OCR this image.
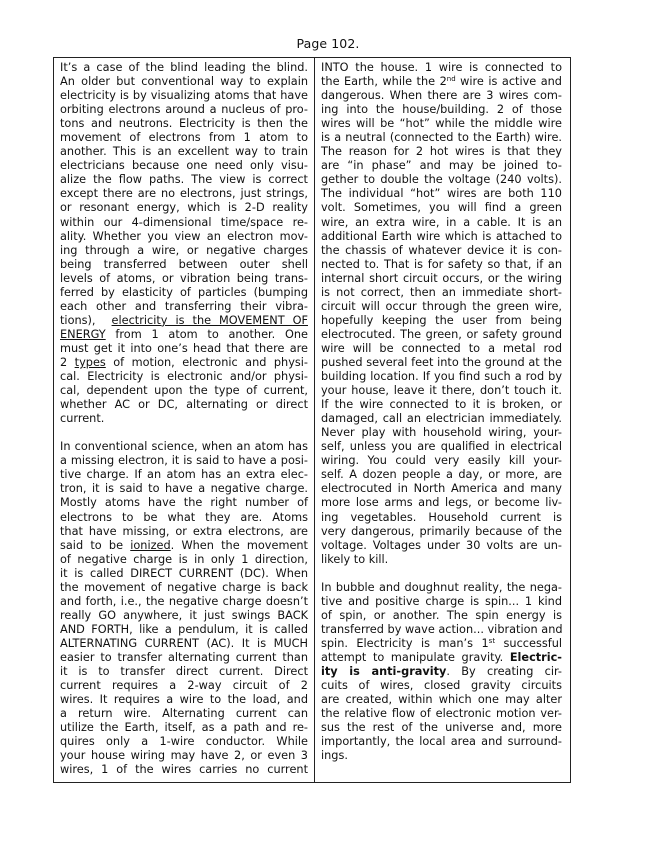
Page 102.
It’s a case of the blind leading the blind.
An older but conventional way to explain
electricity is by visualizing atoms that have
orbiting electrons around a nucleus of pro-
tons and neutrons. Electricity is then the
movement of electrons from 1 atom to
another. This is an excellent way to train
electricians because one need only visu-
alize the flow paths. The view is correct
except there are no electrons, just strings,
or resonant energy, which is 2-D reality
within our 4-dimensional time/space re-
ality. Whether you view an electron mov-
ing through a wire, or negative charges
being transferred between outer shell
levels of atoms, or vibration being trans-
ferred by elasticity of particles (bumping
each other and transferring their vibra-
tions), electricity is the MOVEMENT OF
ENERGY from 1 atom to another. One
must get it into one’s head that there are
2 types of motion, electronic and physi-
cal. Electricity is electronic and/or physi-
cal, dependent upon the type of current,
whether AC or DC, alternating or direct
current.
In conventional science, when an atom has
a missing electron, it is said to have a posi-
tive charge. If an atom has an extra elec-
tron, it is said to have a negative charge.
Mostly atoms have the right number of
electrons to be what they are. Atoms
that have missing, or extra electrons, are
said to be ionized. When the movement
of negative charge is in only 1 direction,
it is called DIRECT CURRENT (DC). When
the movement of negative charge is back
and forth, i.e., the negative charge doesn’t
really GO anywhere, it just swings BACK
AND FORTH, like a pendulum, it is called
ALTERNATING CURRENT (AC). It is MUCH
easier to transfer alternating current than
it is to transfer direct current. Direct
current requires a 2-way circuit of 2
wires. It requires a wire to the load, and
a return wire. Alternating current can
utilize the Earth, itself, as a path and re-
quires only a 1-wire conductor. While
your house wiring may have 2, or even 3
wires, 1 of the wires carries no current
INTO the house. 1 wire is connected to
the Earth, while the 2nd wire is active and
dangerous. When there are 3 wires com-
ing into the house/building. 2 of those
wires will be “hot” while the middle wire
is a neutral (connected to the Earth) wire.
The reason for 2 hot wires is that they
are “in phase” and may be joined to-
gether to double the voltage (240 volts).
The individual “hot” wires are both 110
volt. Sometimes, you will find a green
wire, an extra wire, in a cable. It is an
additional Earth wire which is attached to
the chassis of whatever device it is con-
nected to. That is for safety so that, if an
internal short circuit occurs, or the wiring
is not correct, then an immediate short-
circuit will occur through the green wire,
hopefully keeping the user from being
electrocuted. The green, or safety ground
wire will be connected to a metal rod
pushed several feet into the ground at the
building location. If you find such a rod by
your house, leave it there, don’t touch it.
If the wire connected to it is broken, or
damaged, call an electrician immediately.
Never play with household wiring, your-
self, unless you are qualified in electrical
wiring. You could very easily kill your-
self. A dozen people a day, or more, are
electrocuted in North America and many
more lose arms and legs, or become liv-
ing vegetables. Household current is
very dangerous, primarily because of the
voltage. Voltages under 30 volts are un-
likely to kill.
In bubble and doughnut reality, the nega-
tive and positive charge is spin... 1 kind
of spin, or another. The spin energy is
transferred by wave action... vibration and
spin. Electricity is man’s 1st successful
attempt to manipulate gravity. Electric-
ity is anti-gravity. By creating cir-
cuits of wires, closed gravity circuits
are created, within which one may alter
the relative flow of electronic motion ver-
sus the rest of the universe and, more
importantly, the local area and surround-
ings.
